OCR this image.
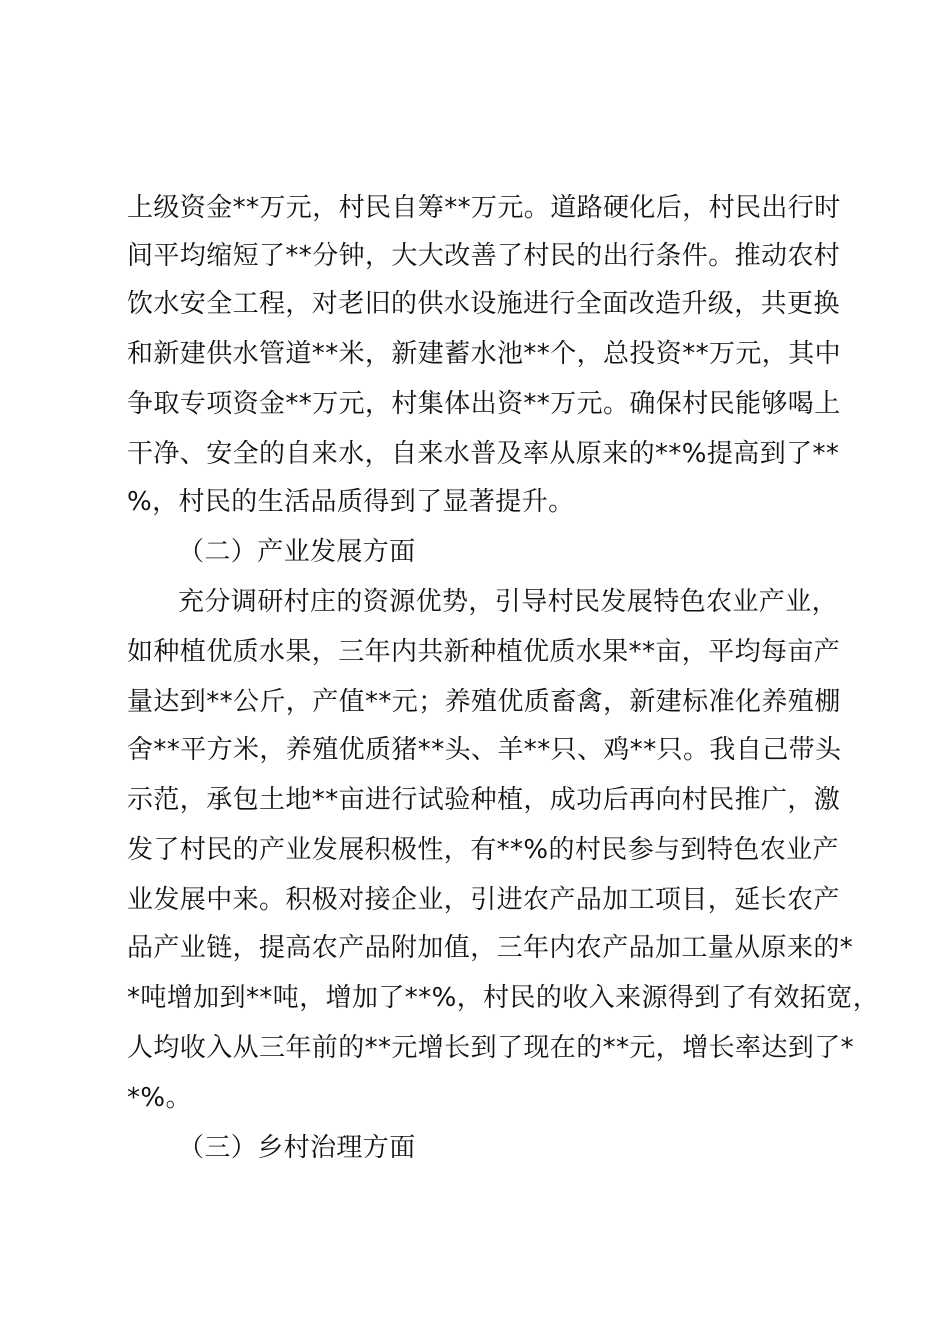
上级资金**万元，村民自筹**万元。道路硬化后，村民出行时
间平均缩短了**分钟，大大改善了村民的出行条件。推动农村
饮水安全工程，对老旧的供水设施进行全面改造升级，共更换
和新建供水管道**米，新建蓄水池**个，总投资**万元，其中
争取专项资金**万元，村集体出资**万元。确保村民能够喝上
干净、安全的自来水，自来水普及率从原来的**%提高到了**
%，村民的生活品质得到了显著提升。
（二）产业发展方面
充分调研村庄的资源优势，引导村民发展特色农业产业，
如种植优质水果，三年内共新种植优质水果**亩，平均每亩产
量达到**公斤，产值**元；养殖优质畜禽，新建标准化养殖棚
舍**平方米，养殖优质猪**头、羊**只、鸡**只。我自己带头
示范，承包土地**亩进行试验种植，成功后再向村民推广，激
发了村民的产业发展积极性，有**%的村民参与到特色农业产
业发展中来。积极对接企业，引进农产品加工项目，延长农产
品产业链，提高农产品附加值，三年内农产品加工量从原来的*
*吨增加到**吨，增加了**%，村民的收入来源得到了有效拓宽，
人均收入从三年前的**元增长到了现在的**元，增长率达到了*
*%。
（三）乡村治理方面
